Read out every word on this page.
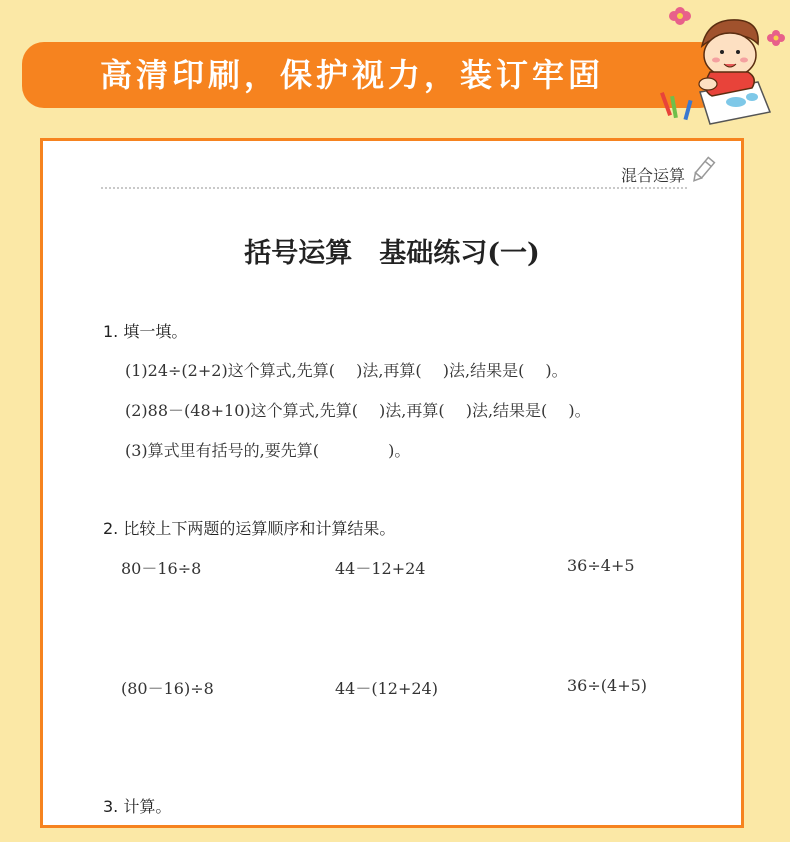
高清印刷，保护视力，装订牢固
混合运算
括号运算　基础练习(一)
1. 填一填。
(1)24÷(2+2)这个算式,先算(　 )法,再算(　 )法,结果是(　 )。
(2)88－(48+10)这个算式,先算(　 )法,再算(　 )法,结果是(　 )。
(3)算式里有括号的,要先算(　　　　 )。
2. 比较上下两题的运算顺序和计算结果。
80－16÷8	44－12+24	36÷4+5
(80－16)÷8	44－(12+24)	36÷(4+5)
3. 计算。
